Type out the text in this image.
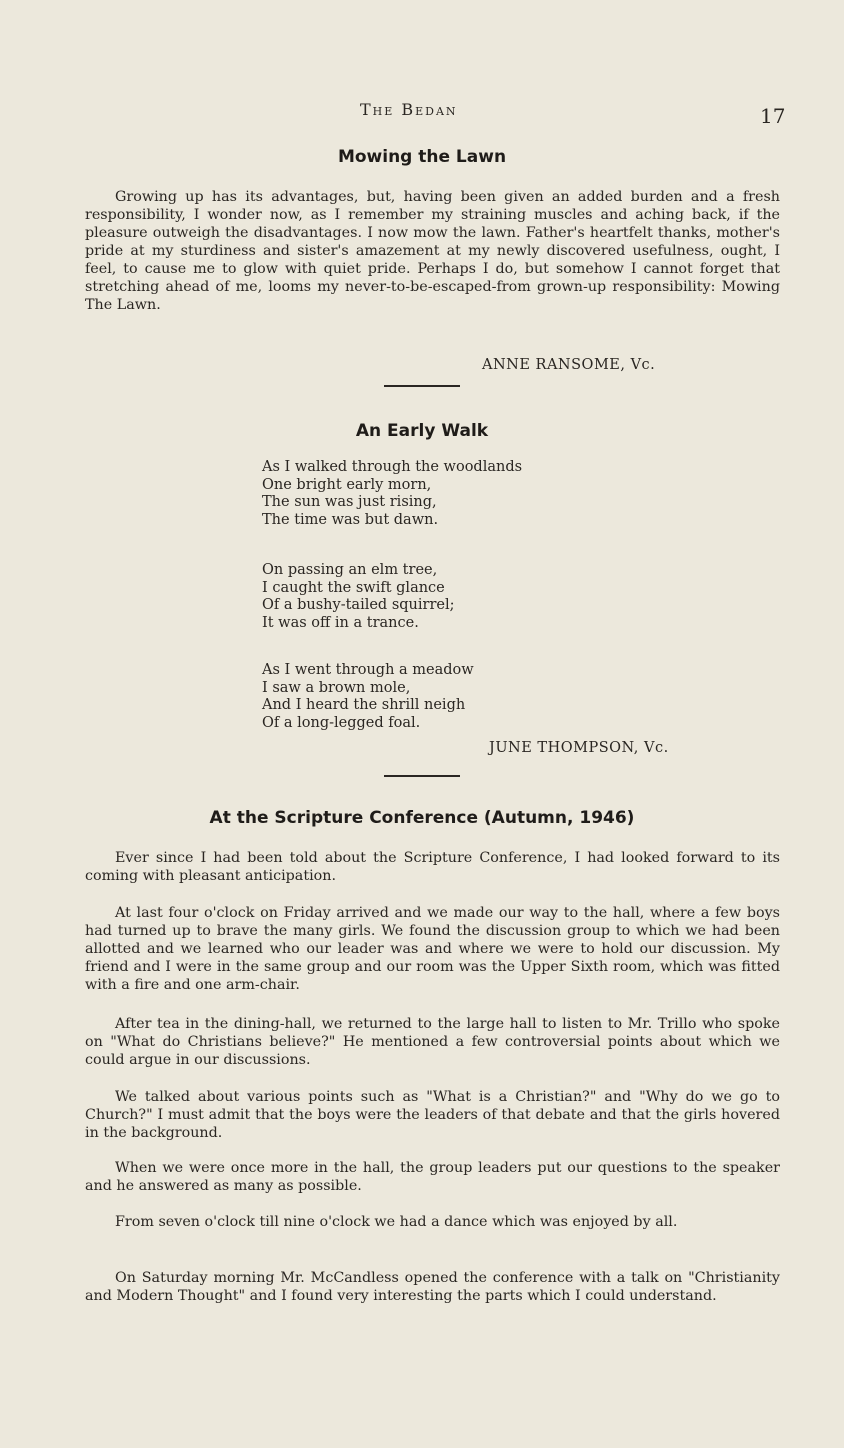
The Bedan	17
Mowing the Lawn

Growing up has its advantages, but, having been given an added burden and a fresh responsibility, I wonder now, as I remember my straining muscles and aching back, if the pleasure outweigh the disadvantages. I now mow the lawn. Father's heartfelt thanks, mother's pride at my sturdiness and sister's amazement at my newly discovered usefulness, ought, I feel, to cause me to glow with quiet pride. Perhaps I do, but somehow I cannot forget that stretching ahead of me, looms my never-to-be-escaped-from grown-up responsibility: Mowing The Lawn.

ANNE RANSOME, Vc.
An Early Walk
As I walked through the woodlands
One bright early morn,
The sun was just rising,
The time was but dawn.
On passing an elm tree,
I caught the swift glance
Of a bushy-tailed squirrel;
It was off in a trance.
As I went through a meadow
I saw a brown mole,
And I heard the shrill neigh
Of a long-legged foal.
JUNE THOMPSON, Vc.
At the Scripture Conference (Autumn, 1946)

Ever since I had been told about the Scripture Conference, I had looked forward to its coming with pleasant anticipation.

At last four o'clock on Friday arrived and we made our way to the hall, where a few boys had turned up to brave the many girls. We found the discussion group to which we had been allotted and we learned who our leader was and where we were to hold our discussion. My friend and I were in the same group and our room was the Upper Sixth room, which was fitted with a fire and one arm-chair.

After tea in the dining-hall, we returned to the large hall to listen to Mr. Trillo who spoke on "What do Christians believe?" He mentioned a few controversial points about which we could argue in our discussions.

We talked about various points such as "What is a Christian?" and "Why do we go to Church?" I must admit that the boys were the leaders of that debate and that the girls hovered in the background.

When we were once more in the hall, the group leaders put our questions to the speaker and he answered as many as possible.

From seven o'clock till nine o'clock we had a dance which was enjoyed by all.

On Saturday morning Mr. McCandless opened the conference with a talk on "Christianity and Modern Thought" and I found very interesting the parts which I could understand.
